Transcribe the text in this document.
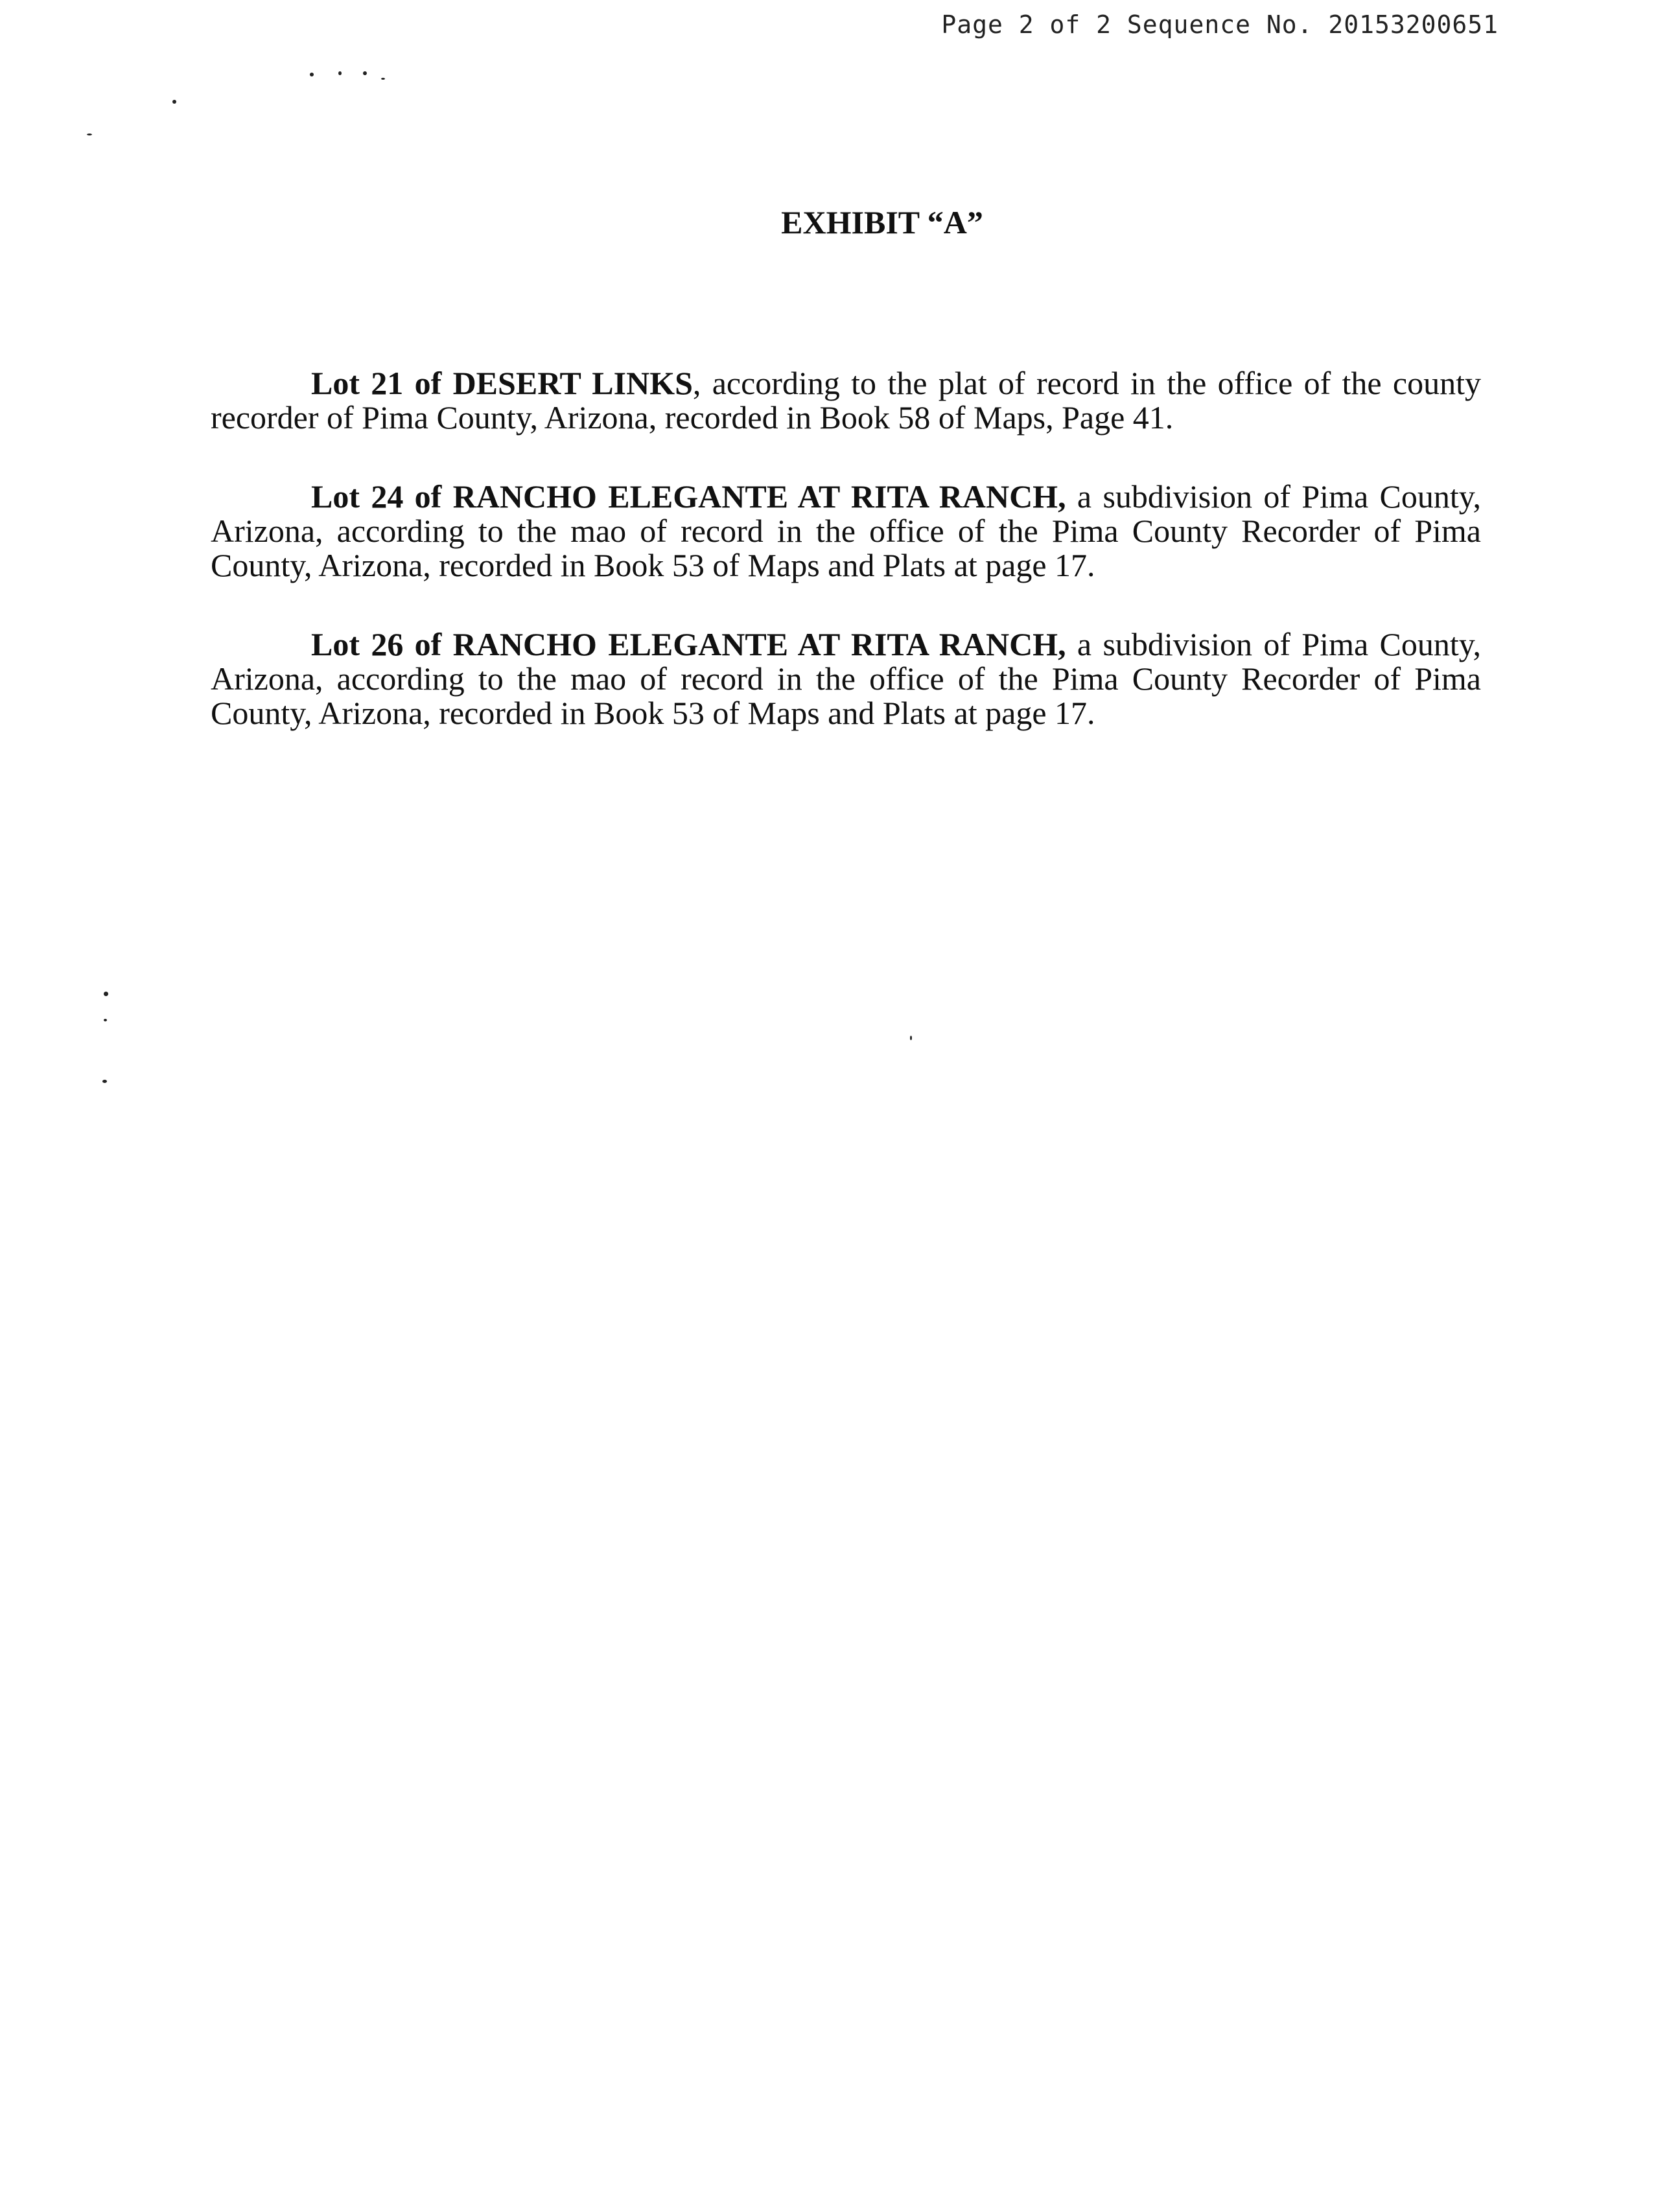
Page 2 of 2 Sequence No. 20153200651
EXHIBIT “A”

Lot 21 of DESERT LINKS, according to the plat of record in the office of the county recorder of Pima County, Arizona, recorded in Book 58 of Maps, Page 41.

Lot 24 of RANCHO ELEGANTE AT RITA RANCH, a subdivision of Pima County, Arizona, according to the mao of record in the office of the Pima County Recorder of Pima County, Arizona, recorded in Book 53 of Maps and Plats at page 17.

Lot 26 of RANCHO ELEGANTE AT RITA RANCH, a subdivision of Pima County, Arizona, according to the mao of record in the office of the Pima County Recorder of Pima County, Arizona, recorded in Book 53 of Maps and Plats at page 17.
